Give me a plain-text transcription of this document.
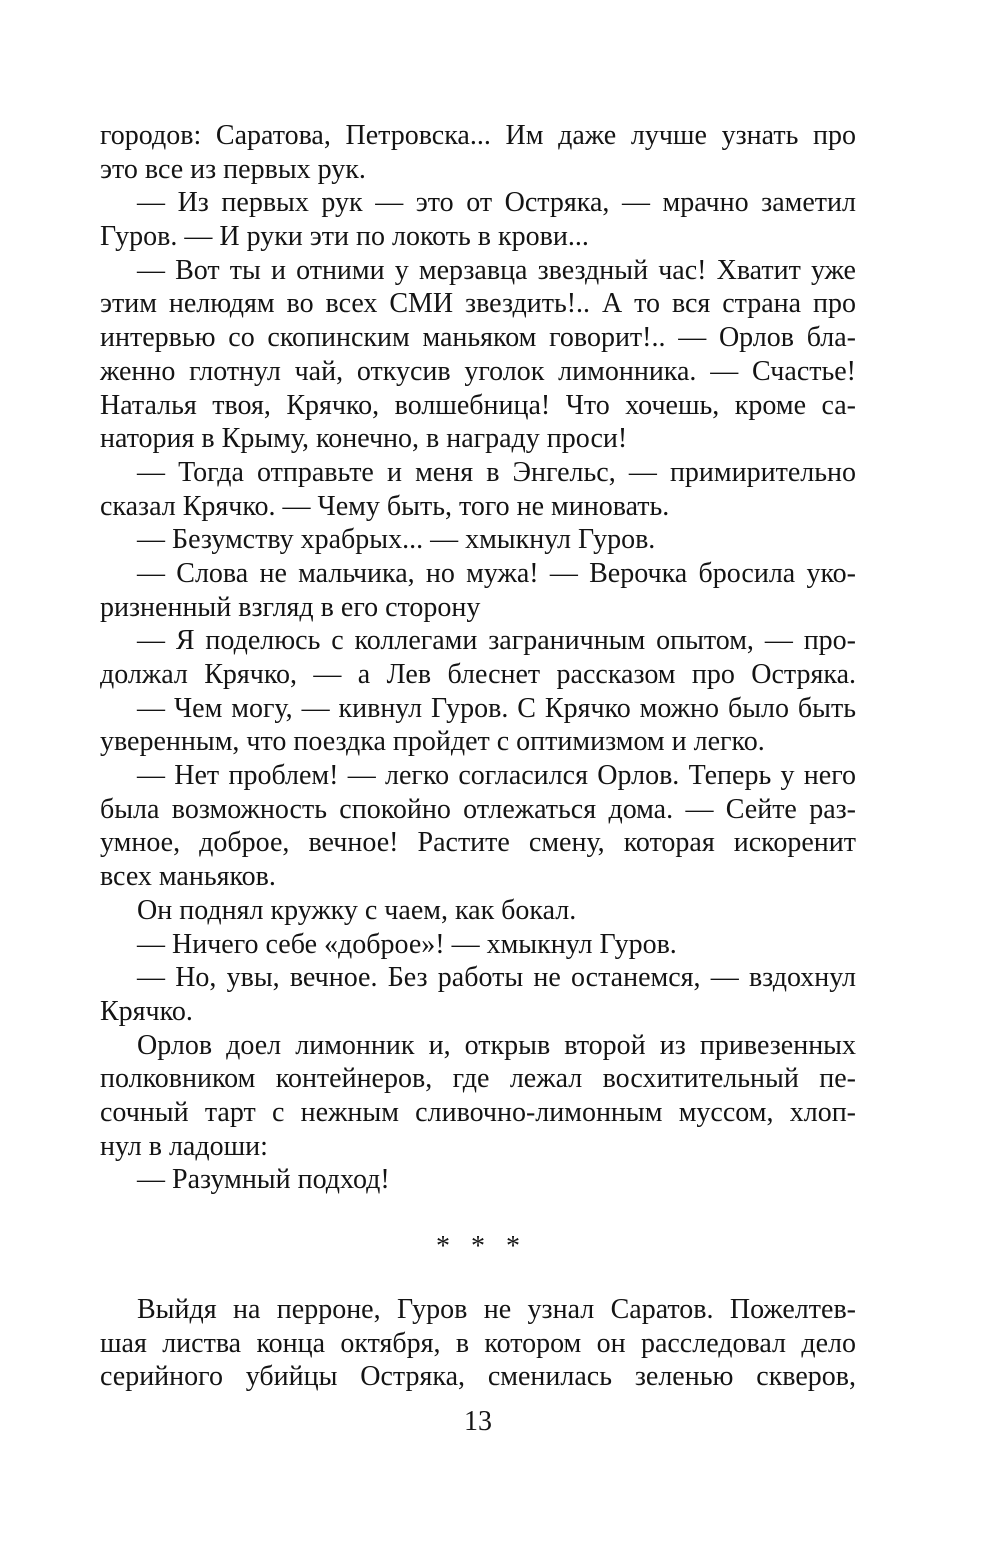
городов: Саратова, Петровска... Им даже лучше узнать про
это все из первых рук.
— Из первых рук — это от Остряка, — мрачно заметил
Гуров. — И руки эти по локоть в крови...
— Вот ты и отними у мерзавца звездный час! Хватит уже
этим нелюдям во всех СМИ звездить!.. А то вся страна про
интервью со скопинским маньяком говорит!.. — Орлов бла-
женно глотнул чай, откусив уголок лимонника. — Счастье!
Наталья твоя, Крячко, волшебница! Что хочешь, кроме са-
натория в Крыму, конечно, в награду проси!
— Тогда отправьте и меня в Энгельс, — примирительно
сказал Крячко. — Чему быть, того не миновать.
— Безумству храбрых... — хмыкнул Гуров.
— Слова не мальчика, но мужа! — Верочка бросила уко-
ризненный взгляд в его сторону
— Я поделюсь с коллегами заграничным опытом, — про-
должал Крячко, — а Лев блеснет рассказом про Остряка.
— Чем могу, — кивнул Гуров. С Крячко можно было быть
уверенным, что поездка пройдет с оптимизмом и легко.
— Нет проблем! — легко согласился Орлов. Теперь у него
была возможность спокойно отлежаться дома. — Сейте раз-
умное, доброе, вечное! Растите смену, которая искоренит
всех маньяков.
Он поднял кружку с чаем, как бокал.
— Ничего себе «доброе»! — хмыкнул Гуров.
— Но, увы, вечное. Без работы не останемся, — вздохнул
Крячко.
Орлов доел лимонник и, открыв второй из привезенных
полковником контейнеров, где лежал восхитительный пе-
сочный тарт с нежным сливочно-лимонным муссом, хлоп-
нул в ладоши:
— Разумный подход!
* * *
Выйдя на перроне, Гуров не узнал Саратов. Пожелтев-
шая листва конца октября, в котором он расследовал дело
серийного убийцы Остряка, сменилась зеленью скверов,
13
